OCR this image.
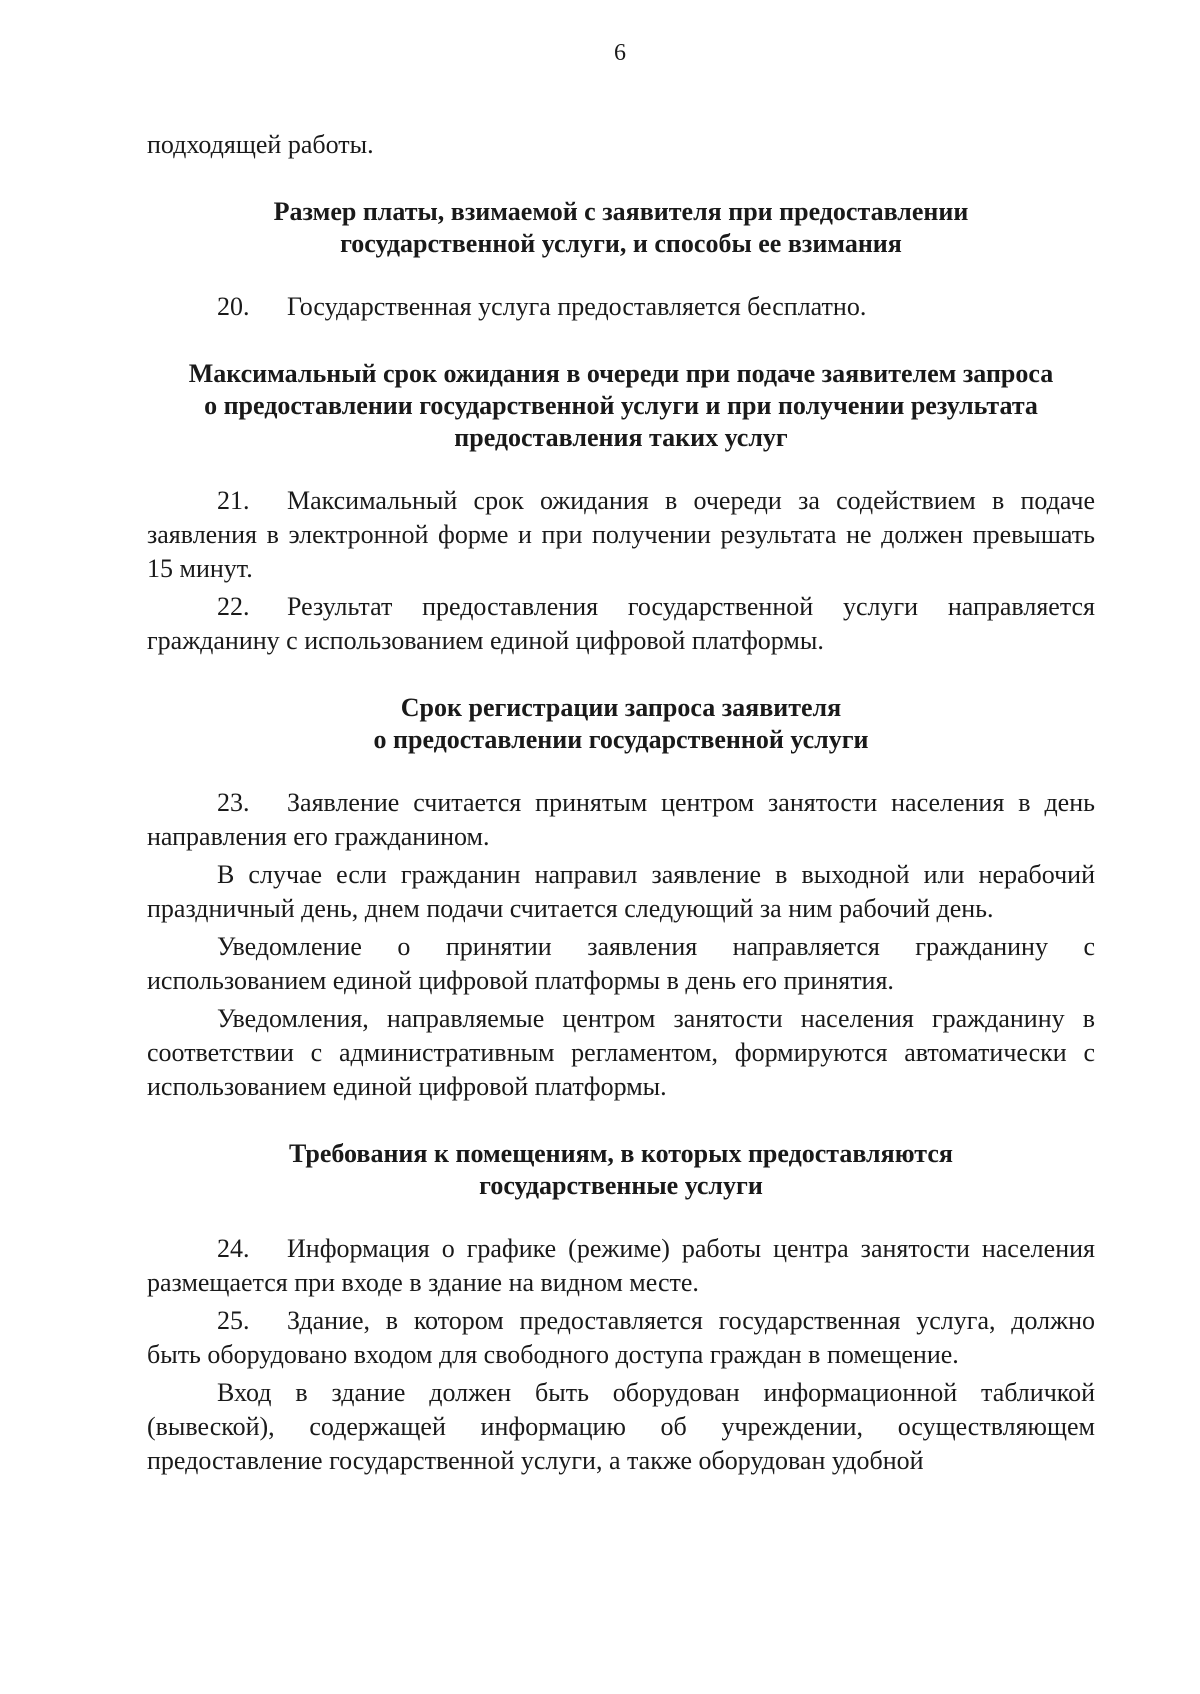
6

подходящей работы.

Размер платы, взимаемой с заявителя при предоставлении
государственной услуги, и способы ее взимания

20. Государственная услуга предоставляется бесплатно.

Максимальный срок ожидания в очереди при подаче заявителем запроса
о предоставлении государственной услуги и при получении результата
предоставления таких услуг

21. Максимальный срок ожидания в очереди за содействием в подаче заявления в электронной форме и при получении результата не должен превышать 15 минут.

22. Результат предоставления государственной услуги направляется гражданину с использованием единой цифровой платформы.

Срок регистрации запроса заявителя
о предоставлении государственной услуги

23. Заявление считается принятым центром занятости населения в день направления его гражданином.

В случае если гражданин направил заявление в выходной или нерабочий праздничный день, днем подачи считается следующий за ним рабочий день.

Уведомление о принятии заявления направляется гражданину с использованием единой цифровой платформы в день его принятия.

Уведомления, направляемые центром занятости населения гражданину в соответствии с административным регламентом, формируются автоматически с использованием единой цифровой платформы.

Требования к помещениям, в которых предоставляются
государственные услуги

24. Информация о графике (режиме) работы центра занятости населения размещается при входе в здание на видном месте.

25. Здание, в котором предоставляется государственная услуга, должно быть оборудовано входом для свободного доступа граждан в помещение.

Вход в здание должен быть оборудован информационной табличкой (вывеской), содержащей информацию об учреждении, осуществляющем предоставление государственной услуги, а также оборудован удобной
